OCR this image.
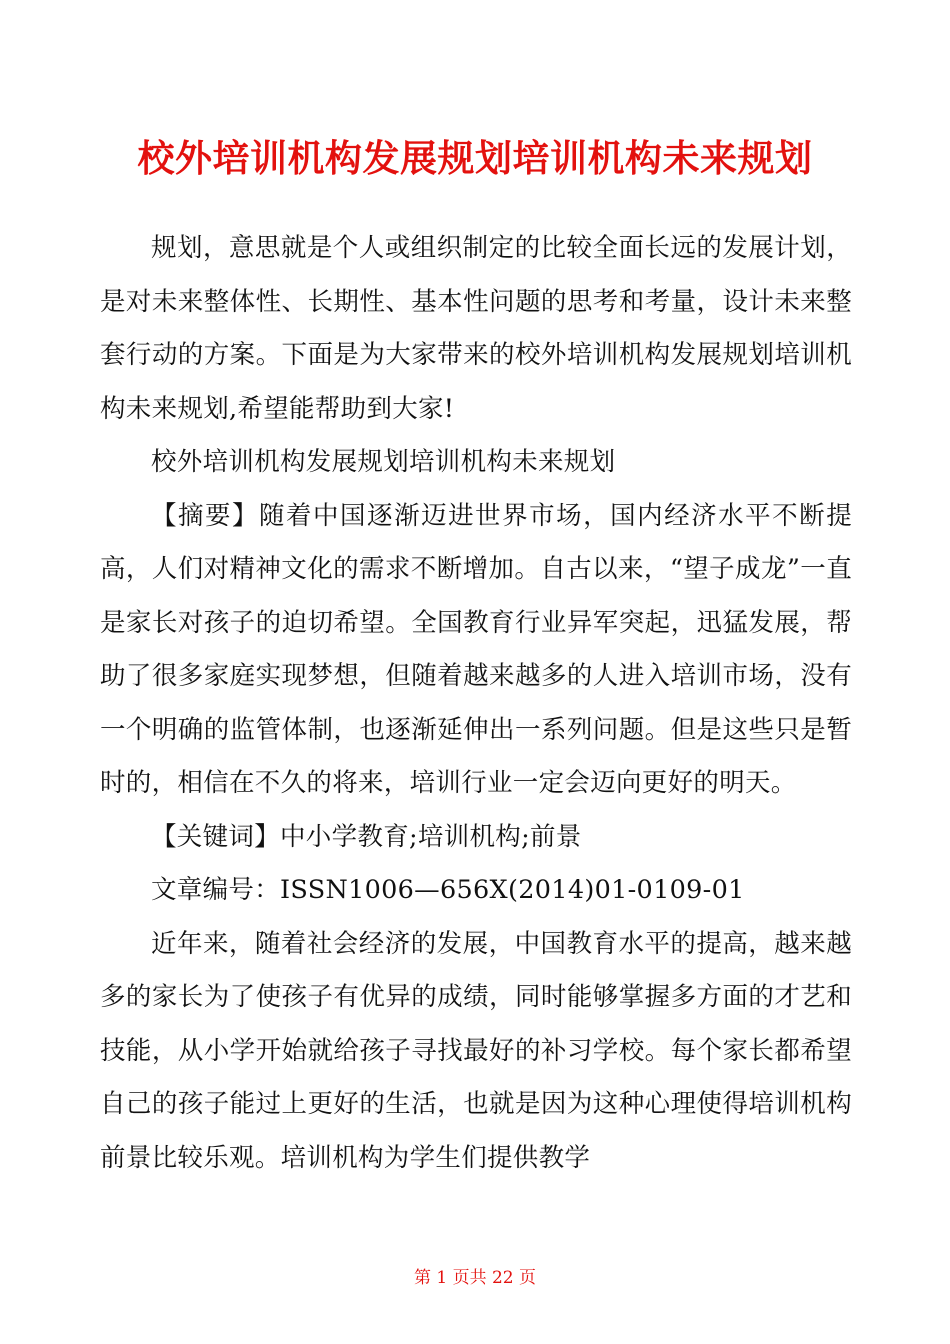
校外培训机构发展规划培训机构未来规划

规划，意思就是个人或组织制定的比较全面长远的发展计划，是对未来整体性、长期性、基本性问题的思考和考量，设计未来整套行动的方案。下面是为大家带来的校外培训机构发展规划培训机构未来规划,希望能帮助到大家!

校外培训机构发展规划培训机构未来规划

【摘要】随着中国逐渐迈进世界市场，国内经济水平不断提高，人们对精神文化的需求不断增加。自古以来，“望子成龙”一直是家长对孩子的迫切希望。全国教育行业异军突起，迅猛发展，帮助了很多家庭实现梦想，但随着越来越多的人进入培训市场，没有一个明确的监管体制，也逐渐延伸出一系列问题。但是这些只是暂时的，相信在不久的将来，培训行业一定会迈向更好的明天。

【关键词】中小学教育;培训机构;前景

文章编号：ISSN1006—656X(2014)01-0109-01

近年来，随着社会经济的发展，中国教育水平的提高，越来越多的家长为了使孩子有优异的成绩，同时能够掌握多方面的才艺和技能，从小学开始就给孩子寻找最好的补习学校。每个家长都希望自己的孩子能过上更好的生活，也就是因为这种心理使得培训机构前景比较乐观。培训机构为学生们提供教学

第 1 页共 22 页
